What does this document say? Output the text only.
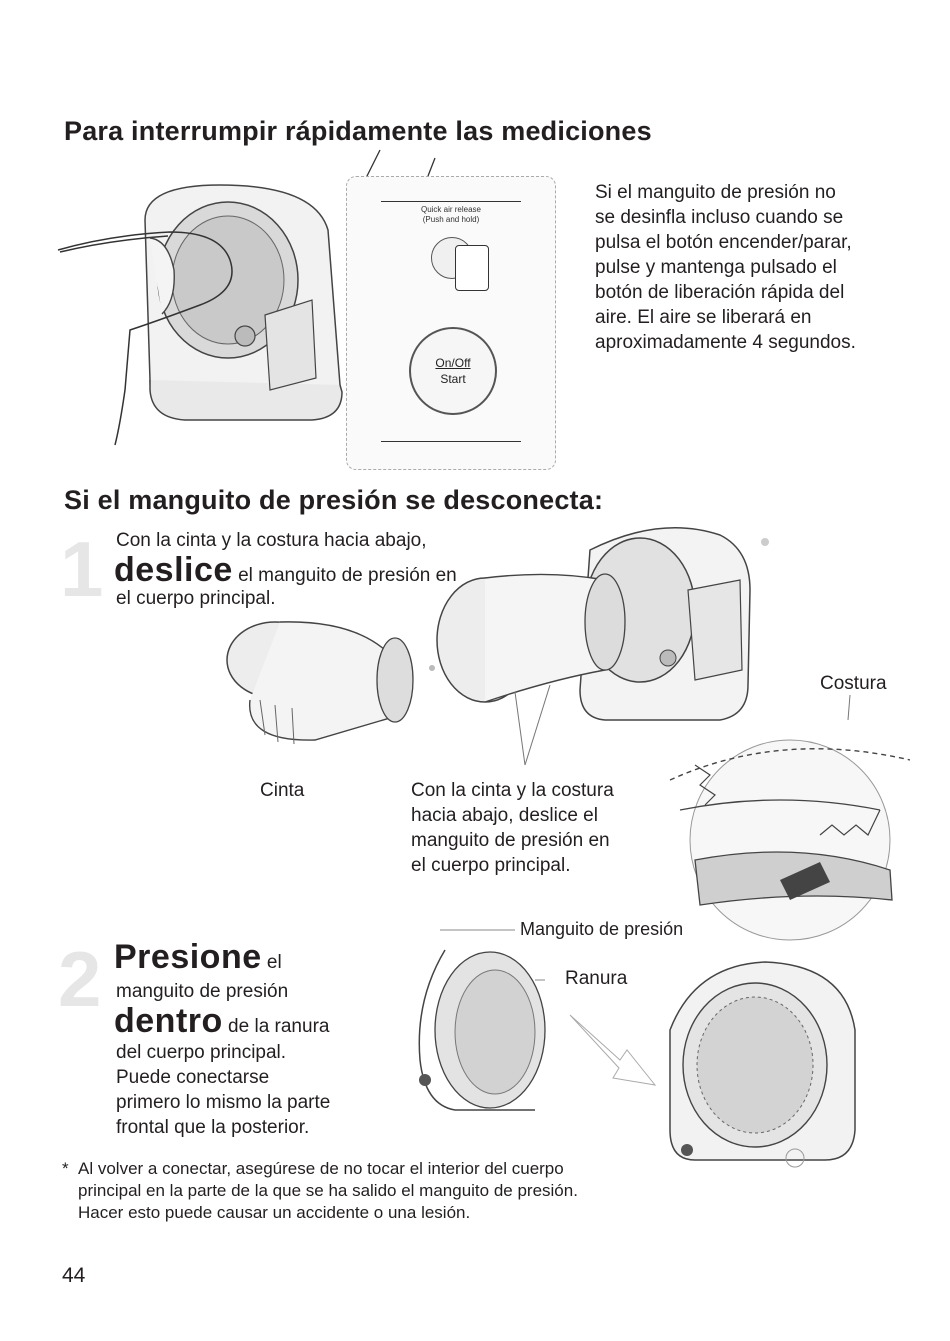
Para interrumpir rápidamente las mediciones
Si el manguito de presión no
se desinfla incluso cuando se
pulsa el botón encender/parar,
pulse y mantenga pulsado el
botón de liberación rápida del
aire. El aire se liberará en
aproximadamente 4 segundos.
Quick air release
(Push and hold)
On/Off
Start
Si el manguito de presión se desconecta:
1 Con la cinta y la costura hacia abajo,
deslice el manguito de presión en
el cuerpo principal.
Costura
Cinta	Con la cinta y la costura
hacia abajo, deslice el
manguito de presión en
el cuerpo principal.
2 Presione el
manguito de presión
dentro de la ranura
del cuerpo principal.
Puede conectarse
primero lo mismo la parte
frontal que la posterior.
Manguito de presión
Ranura
* Al volver a conectar, asegúrese de no tocar el interior del cuerpo
principal en la parte de la que se ha salido el manguito de presión.
Hacer esto puede causar un accidente o una lesión.
44
